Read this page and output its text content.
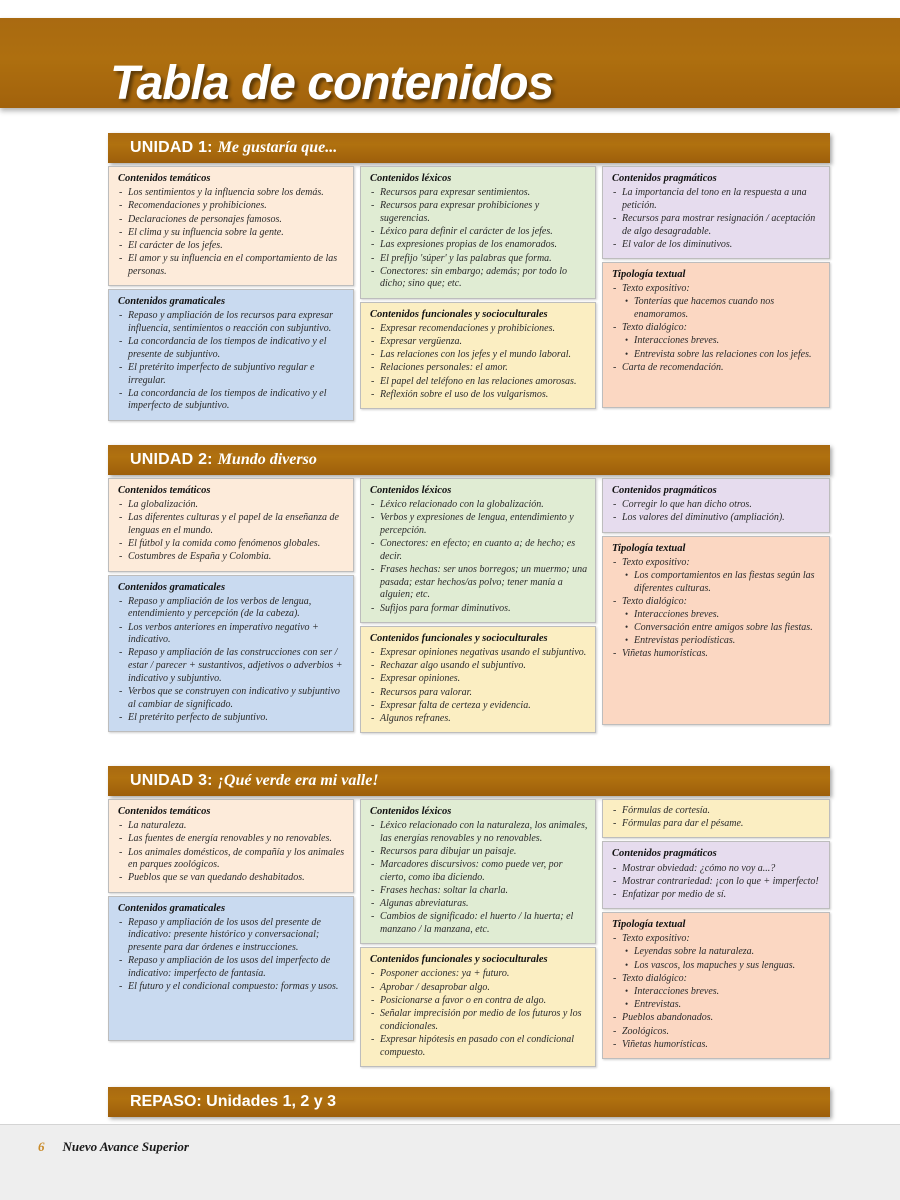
Tabla de contenidos
UNIDAD 1: Me gustaría que...
Contenidos temáticos
- Los sentimientos y la influencia sobre los demás.
- Recomendaciones y prohibiciones.
- Declaraciones de personajes famosos.
- El clima y su influencia sobre la gente.
- El carácter de los jefes.
- El amor y su influencia en el comportamiento de las personas.
Contenidos gramaticales
- Repaso y ampliación de los recursos para expresar influencia, sentimientos o reacción con subjuntivo.
- La concordancia de los tiempos de indicativo y el presente de subjuntivo.
- El pretérito imperfecto de subjuntivo regular e irregular.
- La concordancia de los tiempos de indicativo y el imperfecto de subjuntivo.
Contenidos léxicos
- Recursos para expresar sentimientos.
- Recursos para expresar prohibiciones y sugerencias.
- Léxico para definir el carácter de los jefes.
- Las expresiones propias de los enamorados.
- El prefijo 'súper' y las palabras que forma.
- Conectores: sin embargo; además; por todo lo dicho; sino que; etc.
Contenidos funcionales y socioculturales
- Expresar recomendaciones y prohibiciones.
- Expresar vergüenza.
- Las relaciones con los jefes y el mundo laboral.
- Relaciones personales: el amor.
- El papel del teléfono en las relaciones amorosas.
- Reflexión sobre el uso de los vulgarismos.
Contenidos pragmáticos
- La importancia del tono en la respuesta a una petición.
- Recursos para mostrar resignación / aceptación de algo desagradable.
- El valor de los diminutivos.
Tipología textual
- Texto expositivo:
• Tonterías que hacemos cuando nos enamoramos.
- Texto dialógico:
• Interacciones breves.
• Entrevista sobre las relaciones con los jefes.
- Carta de recomendación.
UNIDAD 2: Mundo diverso
Contenidos temáticos
- La globalización.
- Las diferentes culturas y el papel de la enseñanza de lenguas en el mundo.
- El fútbol y la comida como fenómenos globales.
- Costumbres de España y Colombia.
Contenidos gramaticales
- Repaso y ampliación de los verbos de lengua, entendimiento y percepción (de la cabeza).
- Los verbos anteriores en imperativo negativo + indicativo.
- Repaso y ampliación de las construcciones con ser / estar / parecer + sustantivos, adjetivos o adverbios + indicativo y subjuntivo.
- Verbos que se construyen con indicativo y subjuntivo al cambiar de significado.
- El pretérito perfecto de subjuntivo.
Contenidos léxicos
- Léxico relacionado con la globalización.
- Verbos y expresiones de lengua, entendimiento y percepción.
- Conectores: en efecto; en cuanto a; de hecho; es decir.
- Frases hechas: ser unos borregos; un muermo; una pasada; estar hechos/as polvo; tener manía a alguien; etc.
- Sufijos para formar diminutivos.
Contenidos funcionales y socioculturales
- Expresar opiniones negativas usando el subjuntivo.
- Rechazar algo usando el subjuntivo.
- Expresar opiniones.
- Recursos para valorar.
- Expresar falta de certeza y evidencia.
- Algunos refranes.
Contenidos pragmáticos
- Corregir lo que han dicho otros.
- Los valores del diminutivo (ampliación).
Tipología textual
- Texto expositivo:
• Los comportamientos en las fiestas según las diferentes culturas.
- Texto dialógico:
• Interacciones breves.
• Conversación entre amigos sobre las fiestas.
• Entrevistas periodísticas.
- Viñetas humorísticas.
UNIDAD 3: ¡Qué verde era mi valle!
Contenidos temáticos
- La naturaleza.
- Las fuentes de energía renovables y no renovables.
- Los animales domésticos, de compañía y los animales en parques zoológicos.
- Pueblos que se van quedando deshabitados.
Contenidos gramaticales
- Repaso y ampliación de los usos del presente de indicativo: presente histórico y conversacional; presente para dar órdenes e instrucciones.
- Repaso y ampliación de los usos del imperfecto de indicativo: imperfecto de fantasía.
- El futuro y el condicional compuesto: formas y usos.
Contenidos léxicos
- Léxico relacionado con la naturaleza, los animales, las energías renovables y no renovables.
- Recursos para dibujar un paisaje.
- Marcadores discursivos: como puede ver, por cierto, como iba diciendo.
- Frases hechas: soltar la charla.
- Algunas abreviaturas.
- Cambios de significado: el huerto / la huerta; el manzano / la manzana, etc.
Contenidos funcionales y socioculturales
- Posponer acciones: ya + futuro.
- Aprobar / desaprobar algo.
- Posicionarse a favor o en contra de algo.
- Señalar imprecisión por medio de los futuros y los condicionales.
- Expresar hipótesis en pasado con el condicional compuesto.
- Fórmulas de cortesía.
- Fórmulas para dar el pésame.
Contenidos pragmáticos
- Mostrar obviedad: ¿cómo no voy a...?
- Mostrar contrariedad: ¡con lo que + imperfecto!
- Enfatizar por medio de sí.
Tipología textual
- Texto expositivo:
• Leyendas sobre la naturaleza.
• Los vascos, los mapuches y sus lenguas.
- Texto dialógico:
• Interacciones breves.
• Entrevistas.
- Pueblos abandonados.
- Zoológicos.
- Viñetas humorísticas.
REPASO: Unidades 1, 2 y 3
6 Nuevo Avance Superior
